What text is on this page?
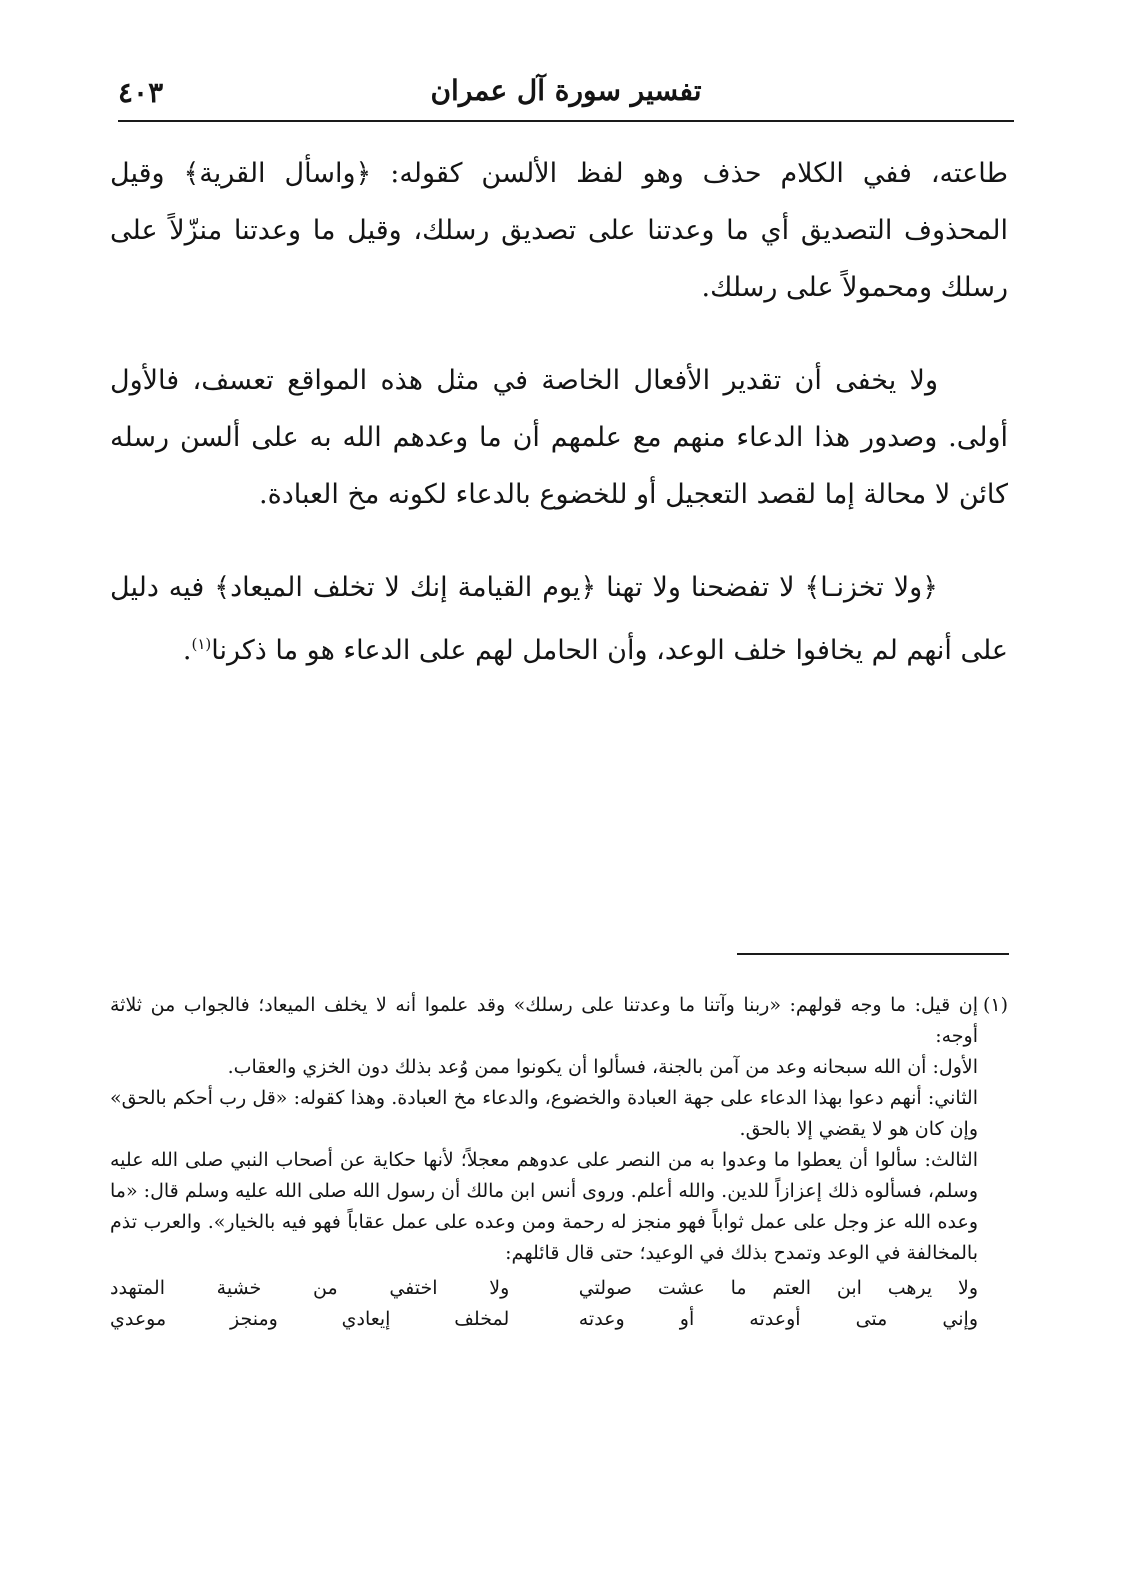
تفسير سورة آل عمران
٤٠٣

طاعته، ففي الكلام حذف وهو لفظ الألسن كقوله: ﴿واسأل القرية﴾ وقيل المحذوف التصديق أي ما وعدتنا على تصديق رسلك، وقيل ما وعدتنا منزّلاً على رسلك ومحمولاً على رسلك.

ولا يخفى أن تقدير الأفعال الخاصة في مثل هذه المواقع تعسف، فالأول أولى. وصدور هذا الدعاء منهم مع علمهم أن ما وعدهم الله به على ألسن رسله كائن لا محالة إما لقصد التعجيل أو للخضوع بالدعاء لكونه مخ العبادة.

﴿ولا تخزنـا﴾ لا تفضحنا ولا تهنا ﴿يوم القيامة إنك لا تخلف الميعاد﴾ فيه دليل على أنهم لم يخافوا خلف الوعد، وأن الحامل لهم على الدعاء هو ما ذكرنا$^{(١)}$.

(١)
إن قيل: ما وجه قولهم: «ربنا وآتنا ما وعدتنا على رسلك» وقد علموا أنه لا يخلف الميعاد؛ فالجواب من ثلاثة أوجه:

الأول: أن الله سبحانه وعد من آمن بالجنة، فسألوا أن يكونوا ممن وُعد بذلك دون الخزي والعقاب.

الثاني: أنهم دعوا بهذا الدعاء على جهة العبادة والخضوع، والدعاء مخ العبادة. وهذا كقوله: «قل رب أحكم بالحق» وإن كان هو لا يقضي إلا بالحق.

الثالث: سألوا أن يعطوا ما وعدوا به من النصر على عدوهم معجلاً؛ لأنها حكاية عن أصحاب النبي صلى الله عليه وسلم، فسألوه ذلك إعزازاً للدين. والله أعلم. وروى أنس ابن مالك أن رسول الله صلى الله عليه وسلم قال: «ما وعده الله عز وجل على عمل ثواباً فهو منجز له رحمة ومن وعده على عمل عقاباً فهو فيه بالخيار». والعرب تذم بالمخالفة في الوعد وتمدح بذلك في الوعيد؛ حتى قال قائلهم:

ولا يرهب ابن العتم ما عشت صولتي
ولا اختفي من خشية المتهدد
وإني متى أوعدته أو وعدته
لمخلف إيعادي ومنجز موعدي
